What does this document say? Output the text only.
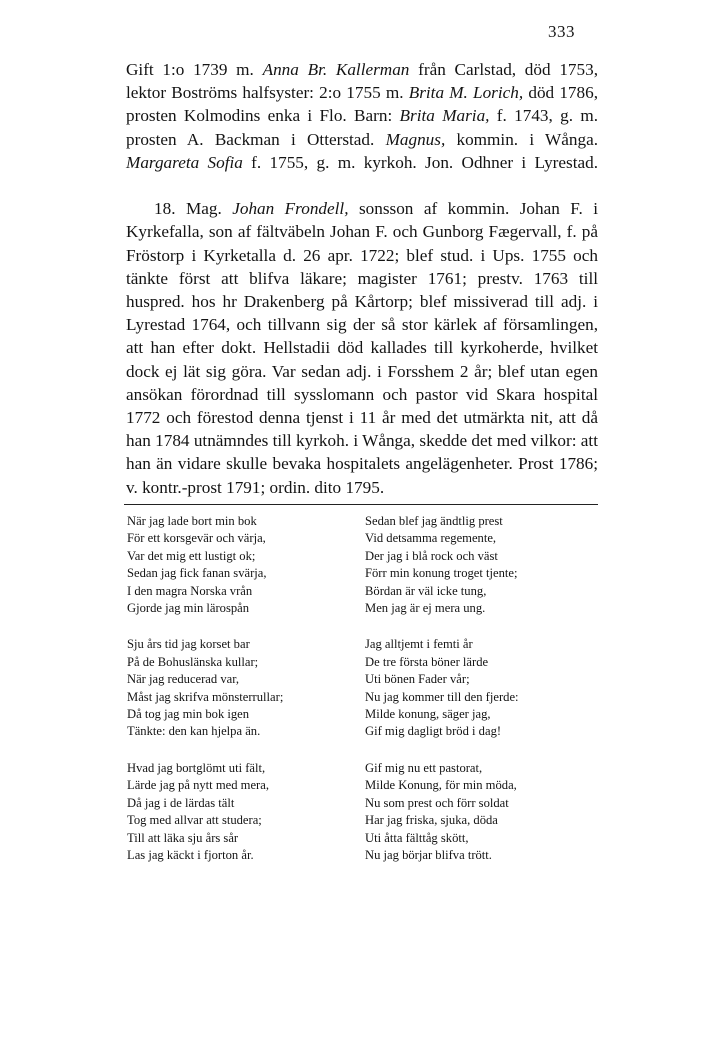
333

Gift 1:o 1739 m. Anna Br. Kallerman från Carlstad, död 1753, lektor Boströms halfsyster: 2:o 1755 m. Brita M. Lorich, död 1786, prosten Kolmodins enka i Flo. Barn: Brita Maria, f. 1743, g. m. prosten A. Backman i Otterstad. Magnus, kommin. i Wånga. Margareta Sofia f. 1755, g. m. kyrkoh. Jon. Odhner i Lyrestad.

18. Mag. Johan Frondell, sonsson af kommin. Johan F. i Kyrkefalla, son af fältväbeln Johan F. och Gunborg Fægervall, f. på Fröstorp i Kyrketalla d. 26 apr. 1722; blef stud. i Ups. 1755 och tänkte först att blifva läkare; magister 1761; prestv. 1763 till huspred. hos hr Drakenberg på Kårtorp; blef missiverad till adj. i Lyrestad 1764, och tillvann sig der så stor kärlek af församlingen, att han efter dokt. Hellstadii död kallades till kyrkoherde, hvilket dock ej lät sig göra. Var sedan adj. i Forsshem 2 år; blef utan egen ansökan förordnad till sysslomann och pastor vid Skara hospital 1772 och förestod denna tjenst i 11 år med det utmärkta nit, att då han 1784 utnämndes till kyrkoh. i Wånga, skedde det med vilkor: att han än vidare skulle bevaka hospitalets angelägenheter. Prost 1786; v. kontr.-prost 1791; ordin. dito 1795.

När jag lade bort min bok
För ett korsgevär och värja,
Var det mig ett lustigt ok;
Sedan jag fick fanan svärja,
I den magra Norska vrån
Gjorde jag min lärospån
Sju års tid jag korset bar
På de Bohuslänska kullar;
När jag reducerad var,
Måst jag skrifva mönsterrullar;
Då tog jag min bok igen
Tänkte: den kan hjelpa än.
Hvad jag bortglömt uti fält,
Lärde jag på nytt med mera,
Då jag i de lärdas tält
Tog med allvar att studera;
Till att läka sju års sår
Las jag käckt i fjorton år.
Sedan blef jag ändtlig prest
Vid detsamma regemente,
Der jag i blå rock och väst
Förr min konung troget tjente;
Bördan är väl icke tung,
Men jag är ej mera ung.
Jag alltjemt i femti år
De tre första böner lärde
Uti bönen Fader vår;
Nu jag kommer till den fjerde:
Milde konung, säger jag,
Gif mig dagligt bröd i dag!
Gif mig nu ett pastorat,
Milde Konung, för min möda,
Nu som prest och förr soldat
Har jag friska, sjuka, döda
Uti åtta fälttåg skött,
Nu jag börjar blifva trött.
